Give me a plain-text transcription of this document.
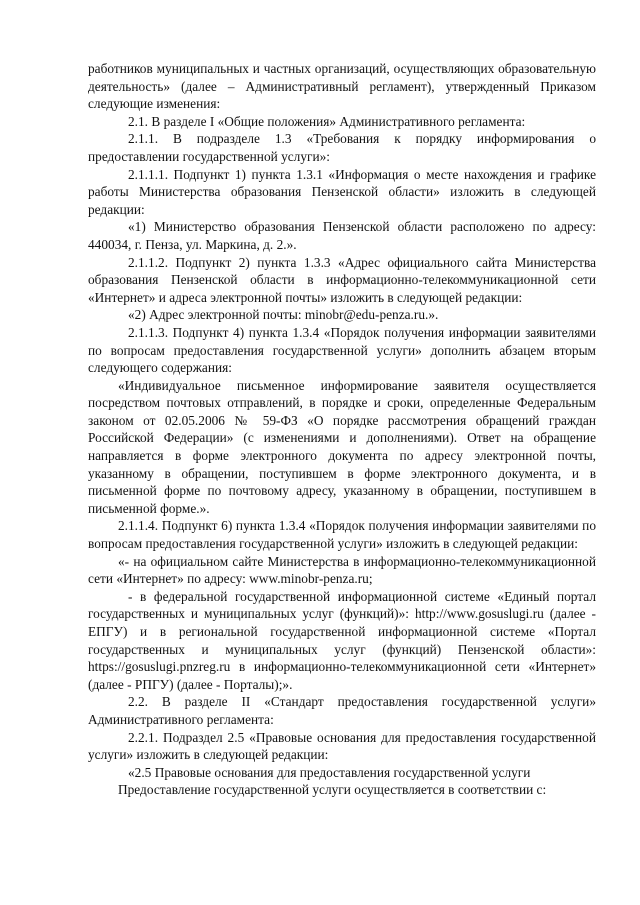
работников муниципальных и частных организаций, осуществляющих образовательную деятельность» (далее – Административный регламент), утвержденный Приказом следующие изменения:

2.1. В разделе I «Общие положения» Административного регламента:

2.1.1. В подразделе 1.3 «Требования к порядку информирования о предоставлении государственной услуги»:

2.1.1.1. Подпункт 1) пункта 1.3.1 «Информация о месте нахождения и графике работы Министерства образования Пензенской области» изложить в следующей редакции:

«1) Министерство образования Пензенской области расположено по адресу: 440034, г. Пенза, ул. Маркина, д. 2.».

2.1.1.2. Подпункт 2) пункта 1.3.3 «Адрес официального сайта Министерства образования Пензенской области в информационно-телекоммуникационной сети «Интернет» и адреса электронной почты» изложить в следующей редакции:

«2) Адрес электронной почты: minobr@edu-penza.ru.».

2.1.1.3. Подпункт 4) пункта 1.3.4 «Порядок получения информации заявителями по вопросам предоставления государственной услуги» дополнить абзацем вторым следующего содержания:

«Индивидуальное письменное информирование заявителя осуществляется посредством почтовых отправлений, в порядке и сроки, определенные Федеральным законом от 02.05.2006 № 59-ФЗ «О порядке рассмотрения обращений граждан Российской Федерации» (с изменениями и дополнениями). Ответ на обращение направляется в форме электронного документа по адресу электронной почты, указанному в обращении, поступившем в форме электронного документа, и в письменной форме по почтовому адресу, указанному в обращении, поступившем в письменной форме.».

2.1.1.4. Подпункт 6) пункта 1.3.4 «Порядок получения информации заявителями по вопросам предоставления государственной услуги» изложить в следующей редакции:

«- на официальном сайте Министерства в информационно-телекоммуникационной сети «Интернет» по адресу: www.minobr-penza.ru;

- в федеральной государственной информационной системе «Единый портал государственных и муниципальных услуг (функций)»: http://www.gosuslugi.ru (далее - ЕПГУ) и в региональной государственной информационной системе «Портал государственных и муниципальных услуг (функций) Пензенской области»: https://gosuslugi.pnzreg.ru в информационно-телекоммуникационной сети «Интернет» (далее - РПГУ) (далее - Порталы);».

2.2. В разделе II «Стандарт предоставления государственной услуги» Административного регламента:

2.2.1. Подраздел 2.5 «Правовые основания для предоставления государственной услуги» изложить в следующей редакции:

«2.5 Правовые основания для предоставления государственной услуги

Предоставление государственной услуги осуществляется в соответствии с:
